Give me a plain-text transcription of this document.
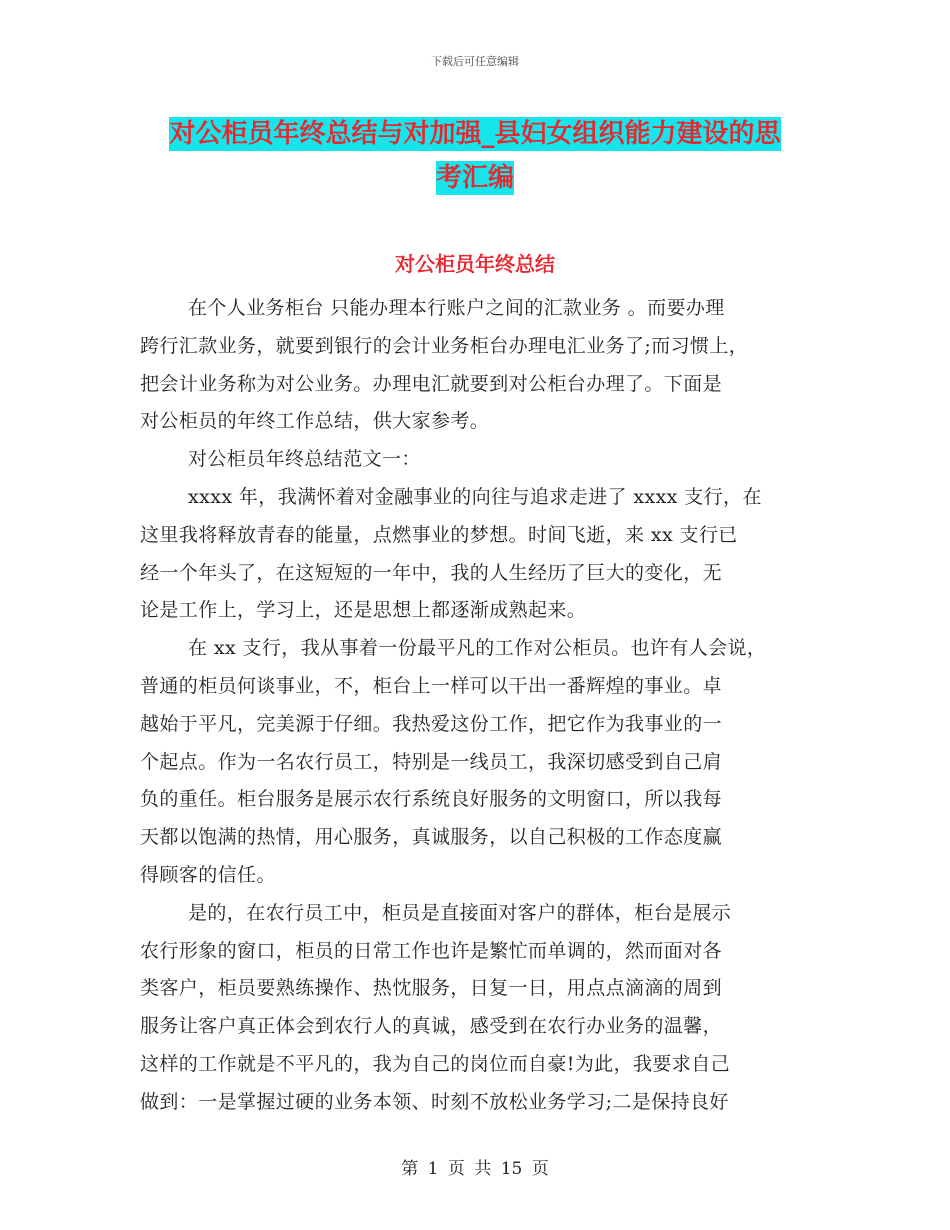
下载后可任意编辑
对公柜员年终总结与对加强_县妇女组织能力建设的思
考汇编
对公柜员年终总结
在个人业务柜台 只能办理本行账户之间的汇款业务 。而要办理
跨行汇款业务，就要到银行的会计业务柜台办理电汇业务了;而习惯上，
把会计业务称为对公业务。办理电汇就要到对公柜台办理了。下面是
对公柜员的年终工作总结，供大家参考。
对公柜员年终总结范文一：
xxxx 年，我满怀着对金融事业的向往与追求走进了 xxxx 支行，在
这里我将释放青春的能量，点燃事业的梦想。时间飞逝，来 xx 支行已
经一个年头了，在这短短的一年中，我的人生经历了巨大的变化，无
论是工作上，学习上，还是思想上都逐渐成熟起来。
在 xx 支行，我从事着一份最平凡的工作对公柜员。也许有人会说，
普通的柜员何谈事业，不，柜台上一样可以干出一番辉煌的事业。卓
越始于平凡，完美源于仔细。我热爱这份工作，把它作为我事业的一
个起点。作为一名农行员工，特别是一线员工，我深切感受到自己肩
负的重任。柜台服务是展示农行系统良好服务的文明窗口，所以我每
天都以饱满的热情，用心服务，真诚服务，以自己积极的工作态度赢
得顾客的信任。
是的，在农行员工中，柜员是直接面对客户的群体，柜台是展示
农行形象的窗口，柜员的日常工作也许是繁忙而单调的，然而面对各
类客户，柜员要熟练操作、热忱服务，日复一日，用点点滴滴的周到
服务让客户真正体会到农行人的真诚，感受到在农行办业务的温馨，
这样的工作就是不平凡的，我为自己的岗位而自豪!为此，我要求自己
做到：一是掌握过硬的业务本领、时刻不放松业务学习;二是保持良好
第 1 页 共 15 页
